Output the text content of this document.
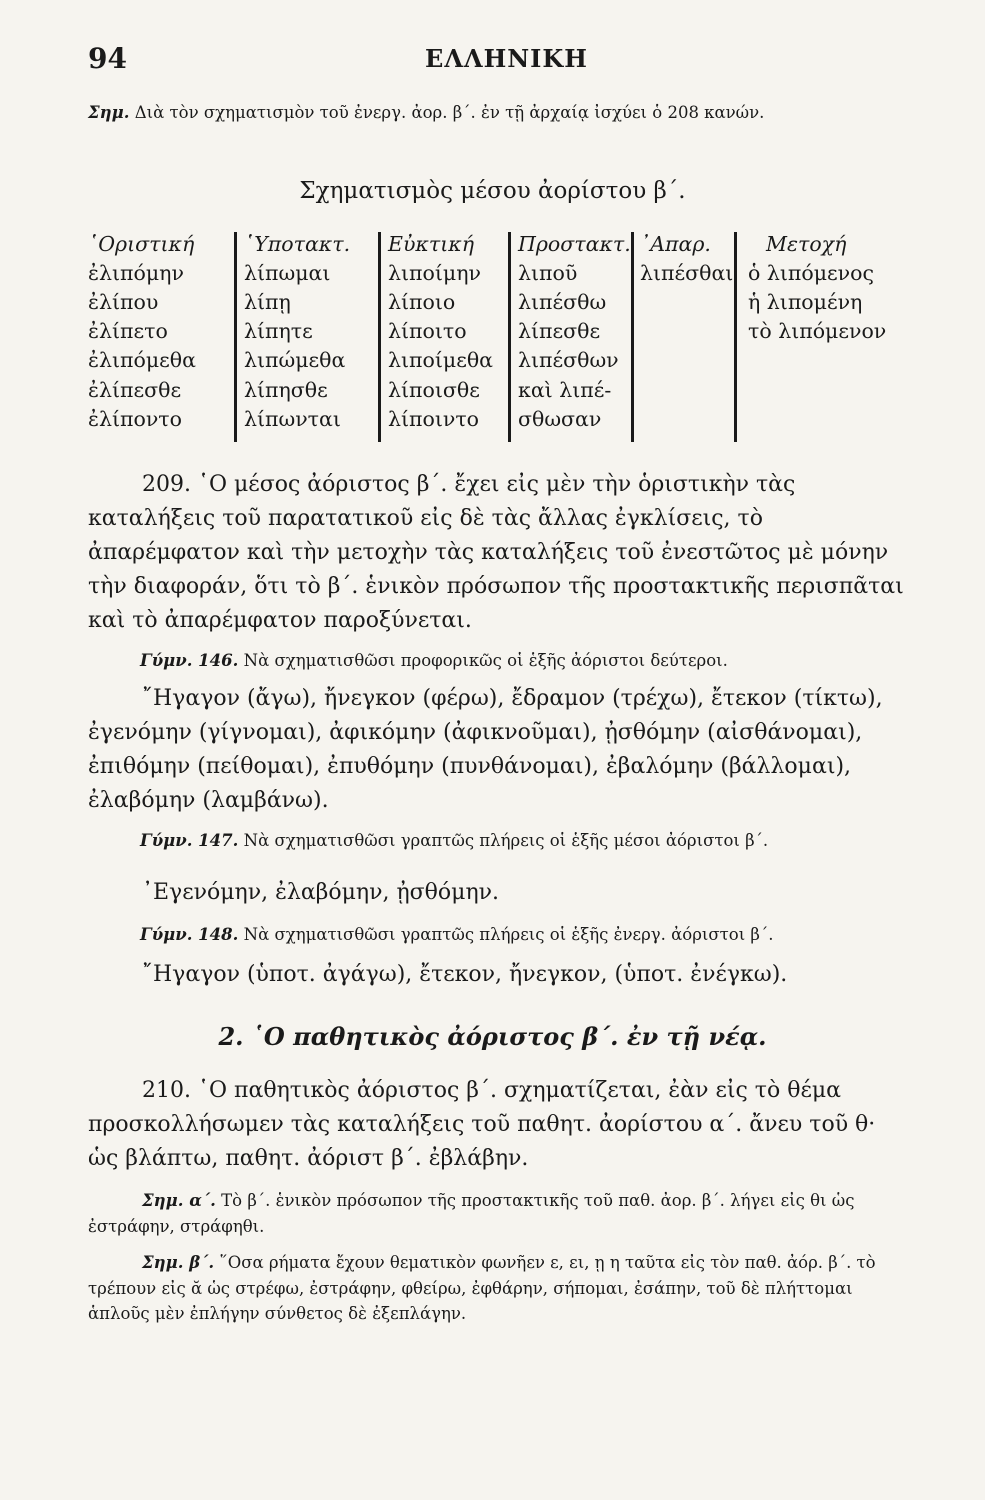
94	ΕΛΛΗΝΙΚΗ
Σημ. Διὰ τὸν σχηματισμὸν τοῦ ἐνεργ. ἀορ. β΄. ἐν τῇ ἀρχαίᾳ ἰσχύει ὁ 208 κανών.
Σχηματισμὸς μέσου ἀορίστου β΄.
῾Οριστική
ἐλιπόμην
ἐλίπου
ἐλίπετο
ἐλιπόμεθα
ἐλίπεσθε
ἐλίποντο
῾Υποτακτ.
λίπωμαι
λίπῃ
λίπητε
λιπώμεθα
λίπησθε
λίπωνται
Εὐκτική
λιποίμην
λίποιο
λίποιτο
λιποίμεθα
λίποισθε
λίποιντο
Προστακτ.
λιποῦ
λιπέσθω
λίπεσθε
λιπέσθων
καὶ λιπέ-
σθωσαν
᾿Απαρ.
λιπέσθαι
Μετοχή
ὁ λιπόμενος
ἡ λιπομένη
τὸ λιπόμενον
209. ῾Ο μέσος ἀόριστος β΄. ἔχει εἰς μὲν τὴν ὁριστικὴν τὰς καταλήξεις τοῦ παρατατικοῦ εἰς δὲ τὰς ἄλλας ἐγκλίσεις, τὸ ἀπαρέμφατον καὶ τὴν μετοχὴν τὰς καταλήξεις τοῦ ἐνεστῶτος μὲ μόνην τὴν διαφοράν, ὅτι τὸ β΄. ἑνικὸν πρόσωπον τῆς προστακτικῆς περισπᾶται καὶ τὸ ἀπαρέμφατον παροξύνεται.
Γύμν. 146. Νὰ σχηματισθῶσι προφορικῶς οἱ ἑξῆς ἀόριστοι δεύτεροι.
῎Ηγαγον (ἄγω), ἤνεγκον (φέρω), ἔδραμον (τρέχω), ἔτεκον (τίκτω), ἐγενόμην (γίγνομαι), ἀφικόμην (ἀφικνοῦμαι), ᾐσθόμην (αἰσθάνομαι), ἐπιθόμην (πείθομαι), ἐπυθόμην (πυνθάνομαι), ἐβαλόμην (βάλλομαι), ἐλαβόμην (λαμβάνω).
Γύμν. 147. Νὰ σχηματισθῶσι γραπτῶς πλήρεις οἱ ἑξῆς μέσοι ἀόριστοι β΄.
᾿Εγενόμην, ἐλαβόμην, ᾐσθόμην.
Γύμν. 148. Νὰ σχηματισθῶσι γραπτῶς πλήρεις οἱ ἑξῆς ἐνεργ. ἀόριστοι β΄.
῎Ηγαγον (ὑποτ. ἀγάγω), ἔτεκον, ἤνεγκον, (ὑποτ. ἐνέγκω).
2. ῾Ο παθητικὸς ἀόριστος β΄. ἐν τῇ νέᾳ.
210. ῾Ο παθητικὸς ἀόριστος β΄. σχηματίζεται, ἐὰν εἰς τὸ θέμα προσκολλήσωμεν τὰς καταλήξεις τοῦ παθητ. ἀορίστου α΄. ἄνευ τοῦ θ· ὡς βλάπτω, παθητ. ἀόριστ β΄. ἐβλάβην.
Σημ. α΄. Τὸ β΄. ἑνικὸν πρόσωπον τῆς προστακτικῆς τοῦ παθ. ἀορ. β΄. λήγει εἰς θι ὡς ἐστράφην, στράφηθι.
Σημ. β΄. ῞Οσα ρήματα ἔχουν θεματικὸν φωνῆεν ε, ει, ῃ η ταῦτα εἰς τὸν παθ. ἀόρ. β΄. τὸ τρέπουν εἰς ᾰ ὡς στρέφω, ἐστράφην, φθείρω, ἐφθάρην, σήπομαι, ἐσάπην, τοῦ δὲ πλήττομαι ἁπλοῦς μὲν ἐπλήγην σύνθετος δὲ ἐξεπλάγην.
